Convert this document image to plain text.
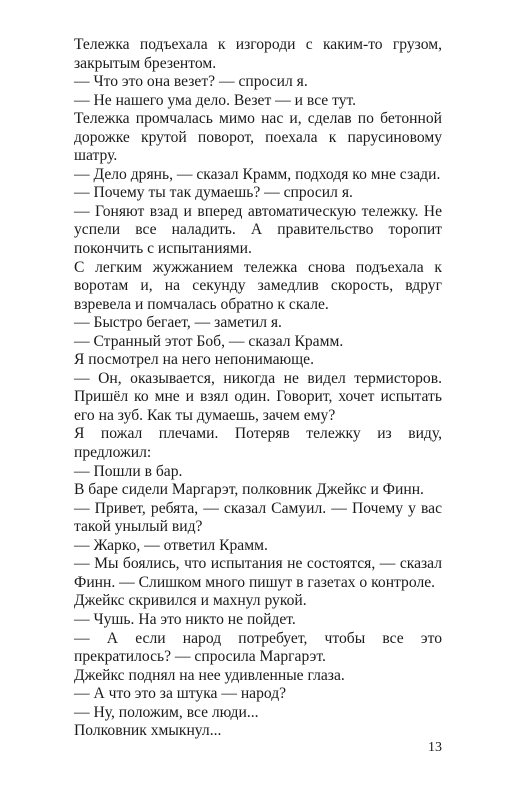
Тележка подъехала к изгороди с каким-то грузом, закрытым брезентом.

— Что это она везет? — спросил я.

— Не нашего ума дело. Везет — и все тут.

Тележка промчалась мимо нас и, сделав по бетонной дорожке крутой поворот, поехала к парусиновому шатру.

— Дело дрянь, — сказал Крамм, подходя ко мне сзади.

— Почему ты так думаешь? — спросил я.

— Гоняют взад и вперед автоматическую тележку. Не успели все наладить. А правительство торопит покончить с испытаниями.

С легким жужжанием тележка снова подъехала к воротам и, на секунду замедлив скорость, вдруг взревела и помчалась обратно к скале.

— Быстро бегает, — заметил я.

— Странный этот Боб, — сказал Крамм.

Я посмотрел на него непонимающе.

— Он, оказывается, никогда не видел термисторов. Пришёл ко мне и взял один. Говорит, хочет испытать его на зуб. Как ты думаешь, зачем ему?

Я пожал плечами. Потеряв тележку из виду, предложил:

— Пошли в бар.

В баре сидели Маргарэт, полковник Джейкс и Финн.

— Привет, ребята, — сказал Самуил. — Почему у вас такой унылый вид?

— Жарко, — ответил Крамм.

— Мы боялись, что испытания не состоятся, — сказал Финн. — Слишком много пишут в газетах о контроле.

Джейкс скривился и махнул рукой.

— Чушь. На это никто не пойдет.

— А если народ потребует, чтобы все это прекратилось? — спросила Маргарэт.

Джейкс поднял на нее удивленные глаза.

— А что это за штука — народ?

— Ну, положим, все люди...

Полковник хмыкнул...

13
